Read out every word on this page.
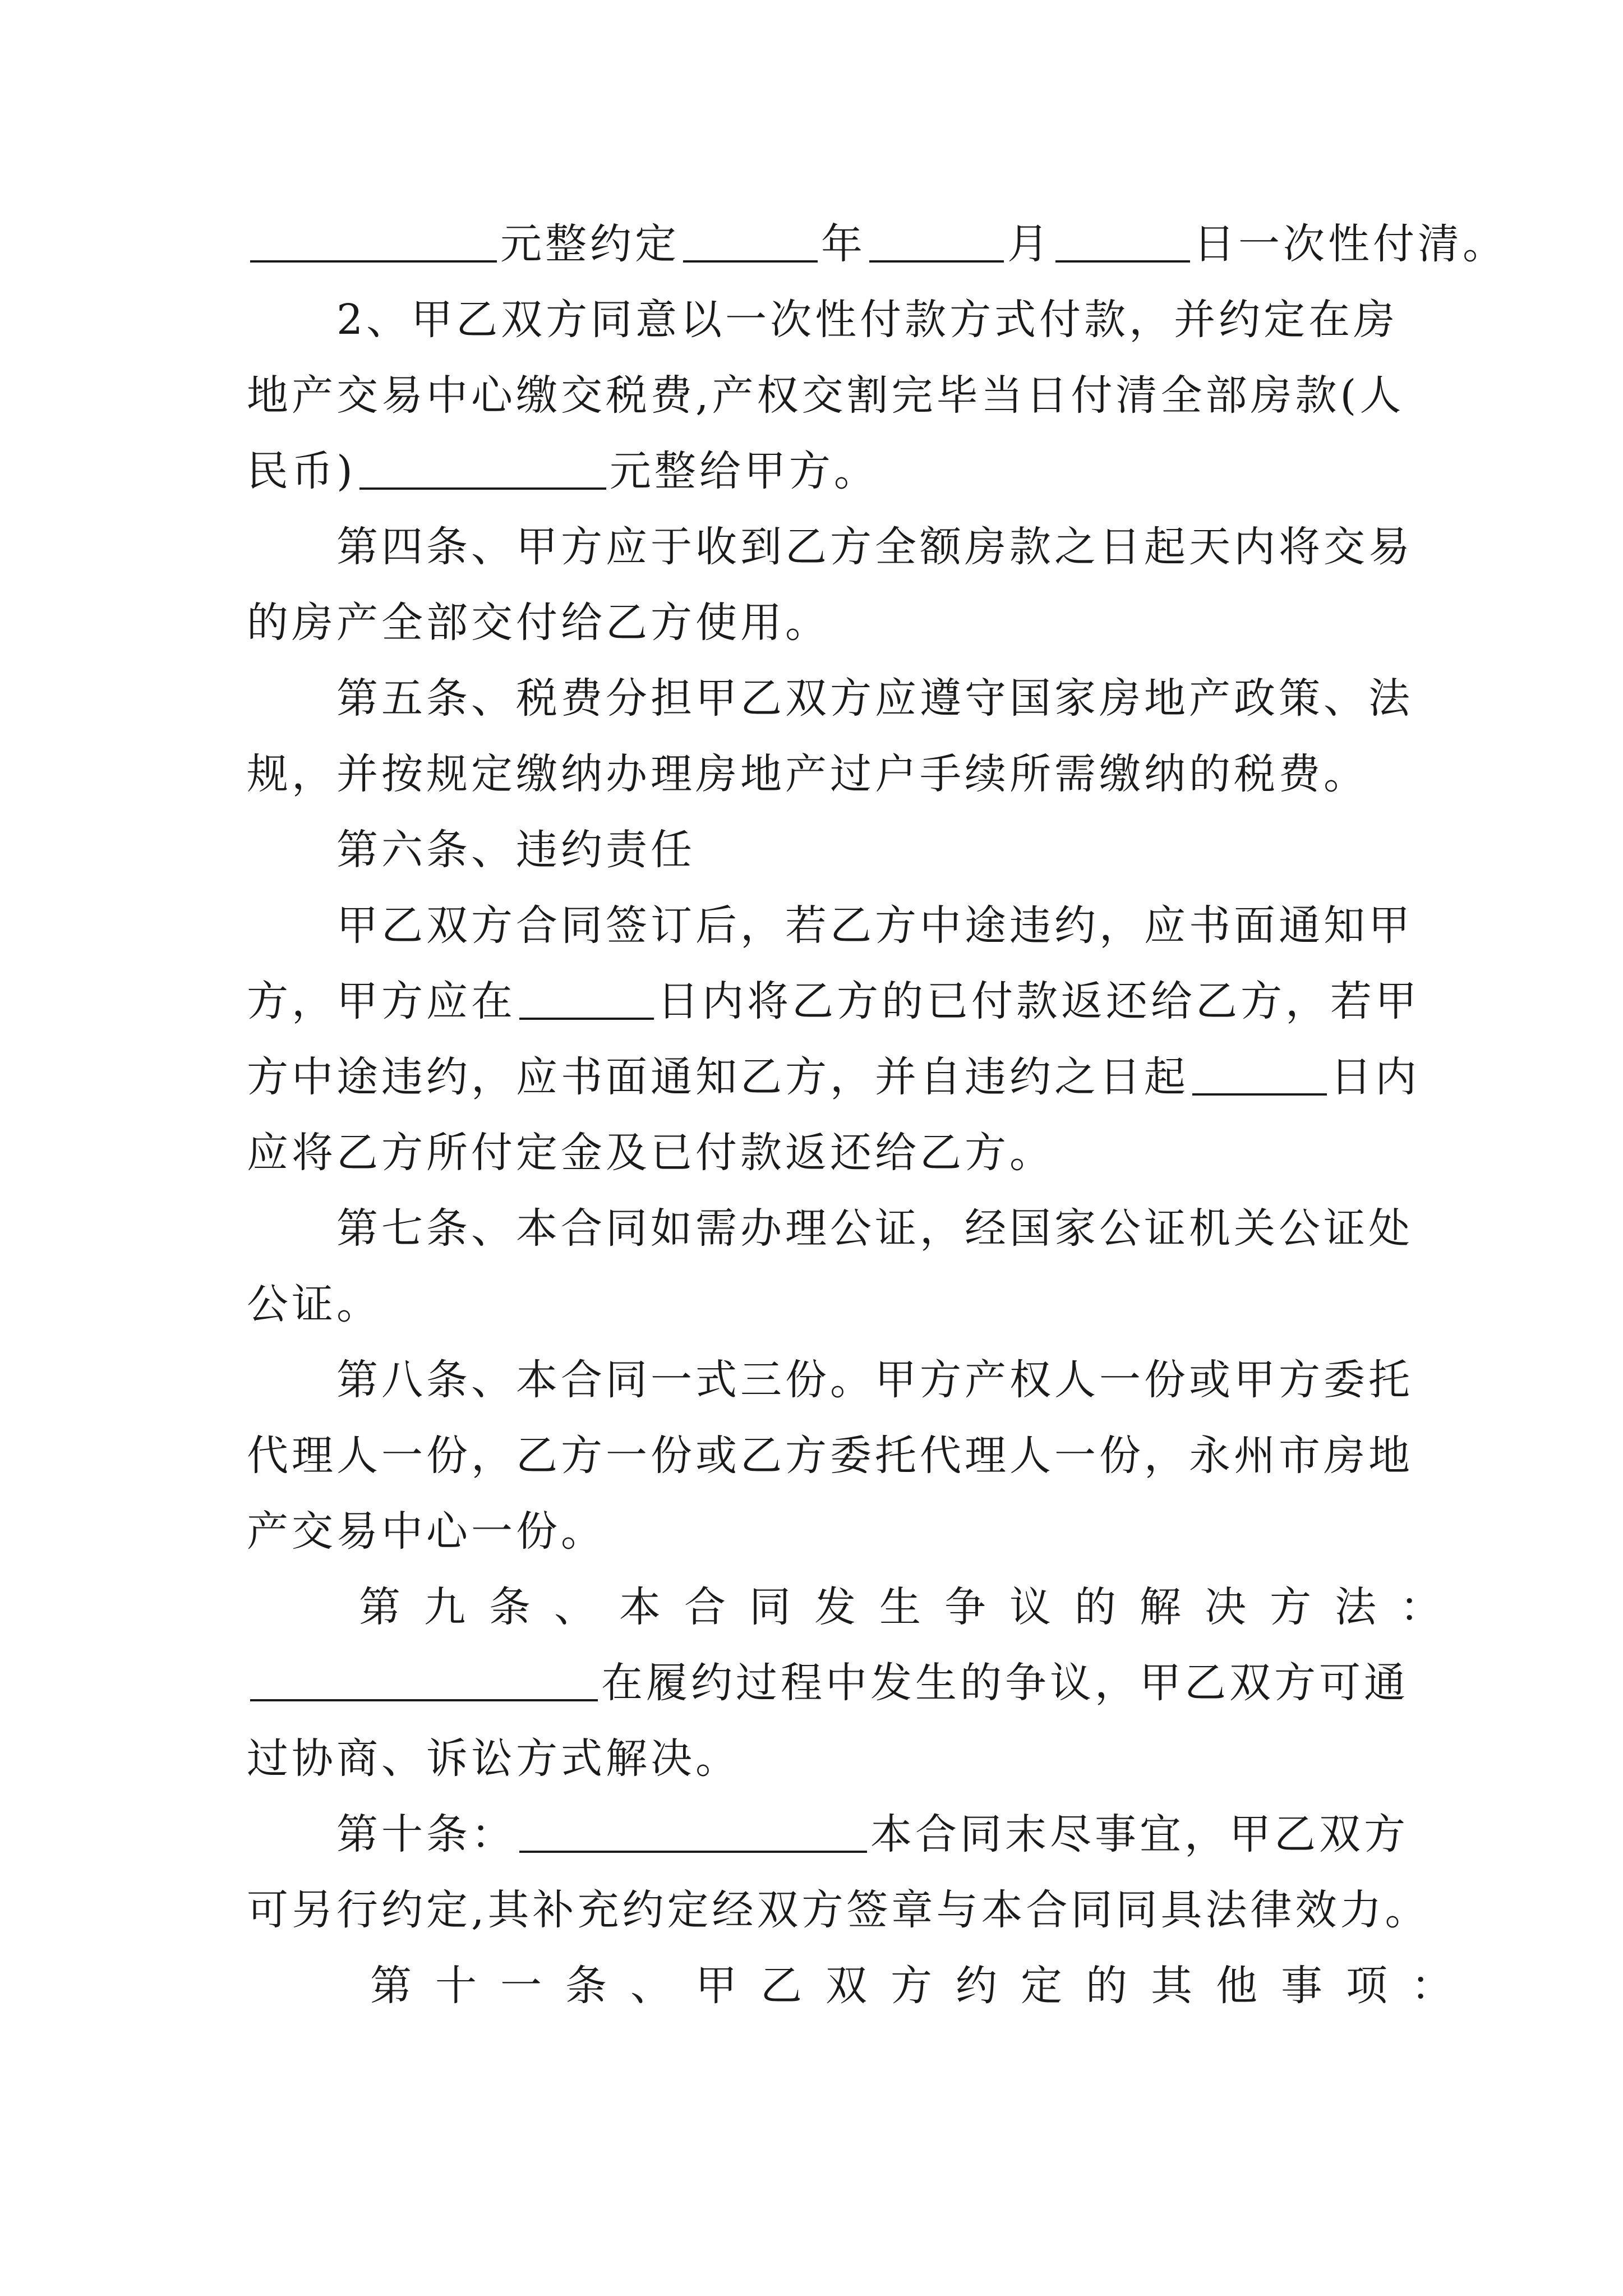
元整约定	年	月	日一次性付清。
2、甲乙双方同意以一次性付款方式付款，并约定在房
地产交易中心缴交税费,产权交割完毕当日付清全部房款(人
民币)	元整给甲方。
第四条、甲方应于收到乙方全额房款之日起天内将交易
的房产全部交付给乙方使用。
第五条、税费分担甲乙双方应遵守国家房地产政策、法
规，并按规定缴纳办理房地产过户手续所需缴纳的税费。
第六条、违约责任
甲乙双方合同签订后，若乙方中途违约，应书面通知甲
方，甲方应在	日内将乙方的已付款返还给乙方，若甲
方中途违约，应书面通知乙方，并自违约之日起	日内
应将乙方所付定金及已付款返还给乙方。
第七条、本合同如需办理公证，经国家公证机关公证处
公证。
第八条、本合同一式三份。甲方产权人一份或甲方委托
代理人一份，乙方一份或乙方委托代理人一份，永州市房地
产交易中心一份。
第九条、本合同发生争议的解决方法：
在履约过程中发生的争议，甲乙双方可通
过协商、诉讼方式解决。
第十条：	本合同末尽事宜，甲乙双方
可另行约定,其补充约定经双方签章与本合同同具法律效力。
第十一条、甲乙双方约定的其他事项：
